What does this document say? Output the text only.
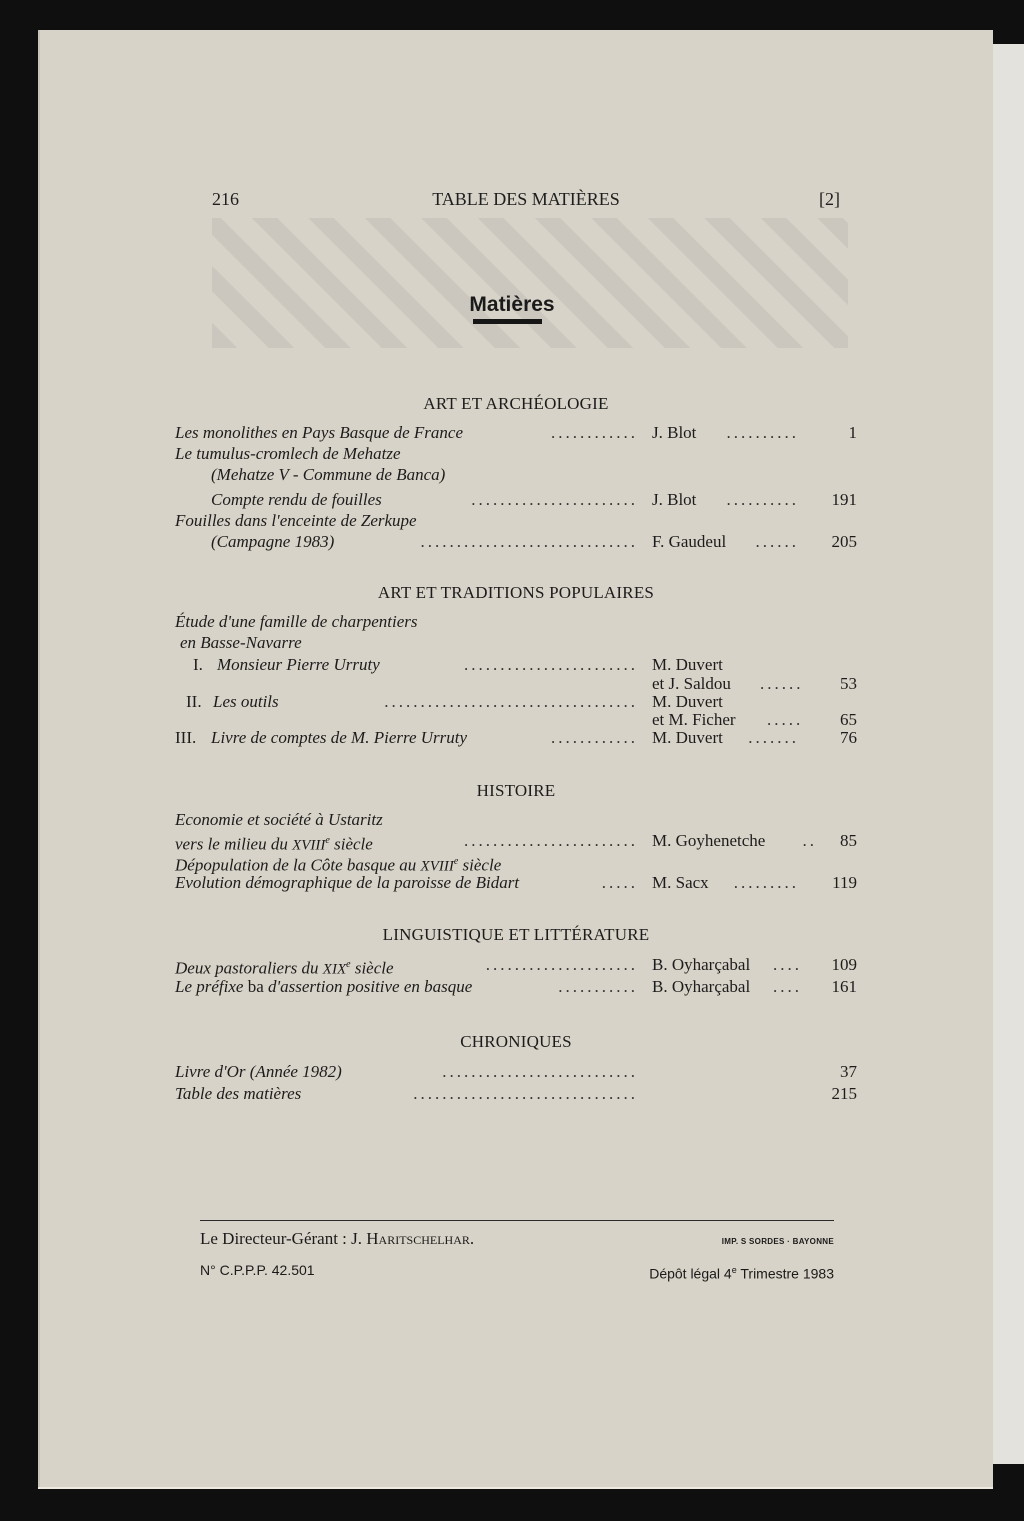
216	TABLE DES MATIÈRES	[2]
Matières
ART ET ARCHÉOLOGIE
Les monolithes en Pays Basque de France	............ J. Blot	..........	1
Le tumulus-cromlech de Mehatze
(Mehatze V - Commune de Banca)
Compte rendu de fouilles	....................... J. Blot	.......... 191
Fouilles dans l'enceinte de Zerkupe
(Campagne 1983)	.............................. F. Gaudeul	...... 205
ART ET TRADITIONS POPULAIRES
Étude d'une famille de charpentiers
en Basse-Navarre
I. Monsieur Pierre Urruty	........................ M. Duvert
et J. Saldou ...... 53
II. Les outils	................................... M. Duvert
et M. Ficher ..... 65
III. Livre de comptes de M. Pierre Urruty	............ M. Duvert	....... 76
HISTOIRE
Economie et société à Ustaritz
vers le milieu du XVIIIe siècle	........................ M. Goyhenetche	.. 85
Dépopulation de la Côte basque au XVIIIe siècle
Evolution démographique de la paroisse de Bidart	..... M. Sacx ......... 119
LINGUISTIQUE ET LITTÉRATURE
Deux pastoraliers du XIXe siècle	..................... B. Oyharçabal .... 109
Le préfixe ba d'assertion positive en basque	........... B. Oyharçabal .... 161
CHRONIQUES
Livre d'Or (Année 1982)	...........................	37
Table des matières	...............................	215
Le Directeur-Gérant : J. Haritschelhar.	IMP. S SORDES · BAYONNE
N° C.P.P.P. 42.501	Dépôt légal 4e Trimestre 1983
